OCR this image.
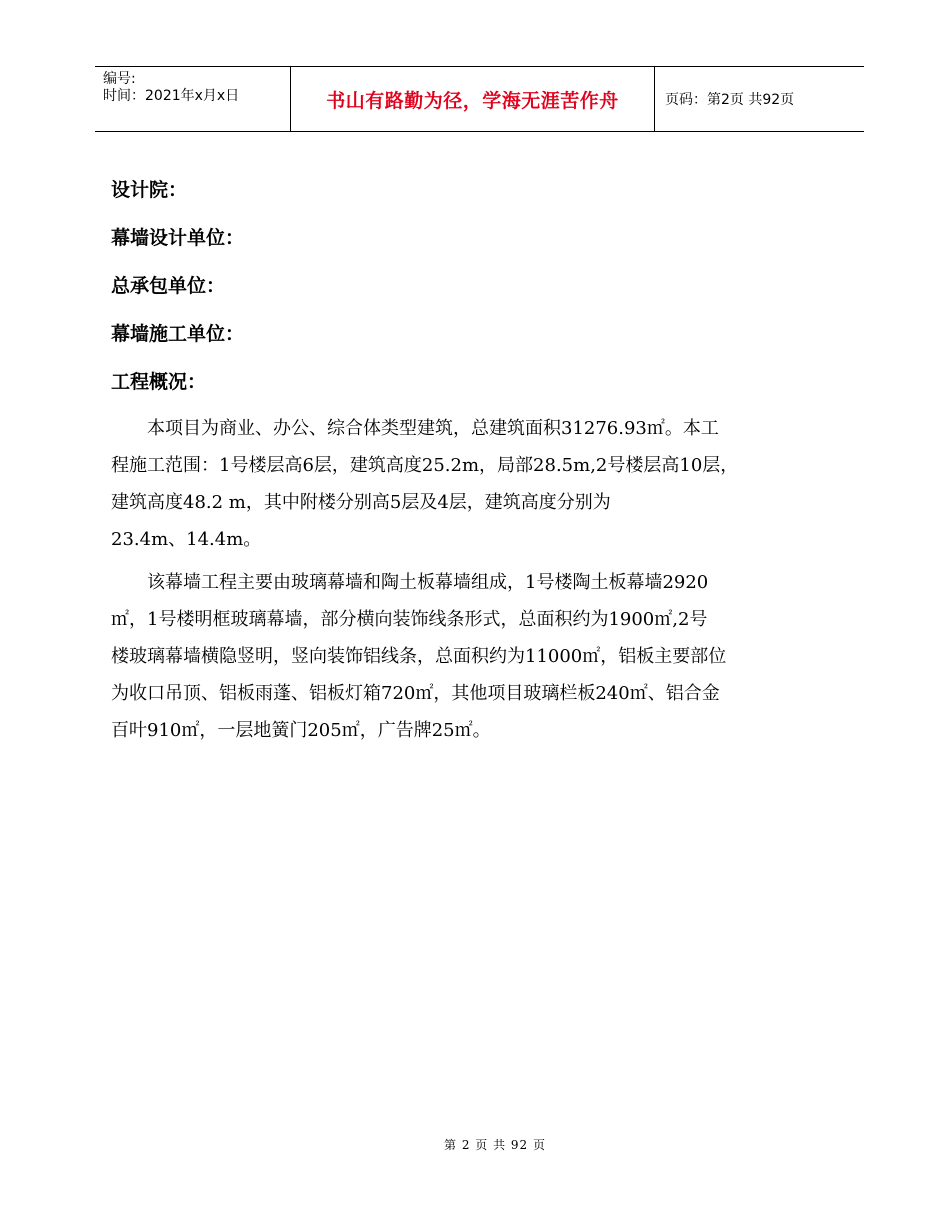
编号:
时间：2021年x月x日	书山有路勤为径，学海无涯苦作舟	页码：第2页 共92页
设计院：
幕墙设计单位：
总承包单位：
幕墙施工单位：
工程概况：
本项目为商业、办公、综合体类型建筑，总建筑面积31276.93㎡。本工
程施工范围：1号楼层高6层，建筑高度25.2m，局部28.5m,2号楼层高10层，
建筑高度48.2 m，其中附楼分别高5层及4层，建筑高度分别为
23.4m、14.4m。
该幕墙工程主要由玻璃幕墙和陶土板幕墙组成，1号楼陶土板幕墙2920
㎡，1号楼明框玻璃幕墙，部分横向装饰线条形式，总面积约为1900㎡,2号
楼玻璃幕墙横隐竖明，竖向装饰铝线条，总面积约为11000㎡，铝板主要部位
为收口吊顶、铝板雨蓬、铝板灯箱720㎡，其他项目玻璃栏板240㎡、铝合金
百叶910㎡，一层地簧门205㎡，广告牌25㎡。
第 2 页 共 92 页
